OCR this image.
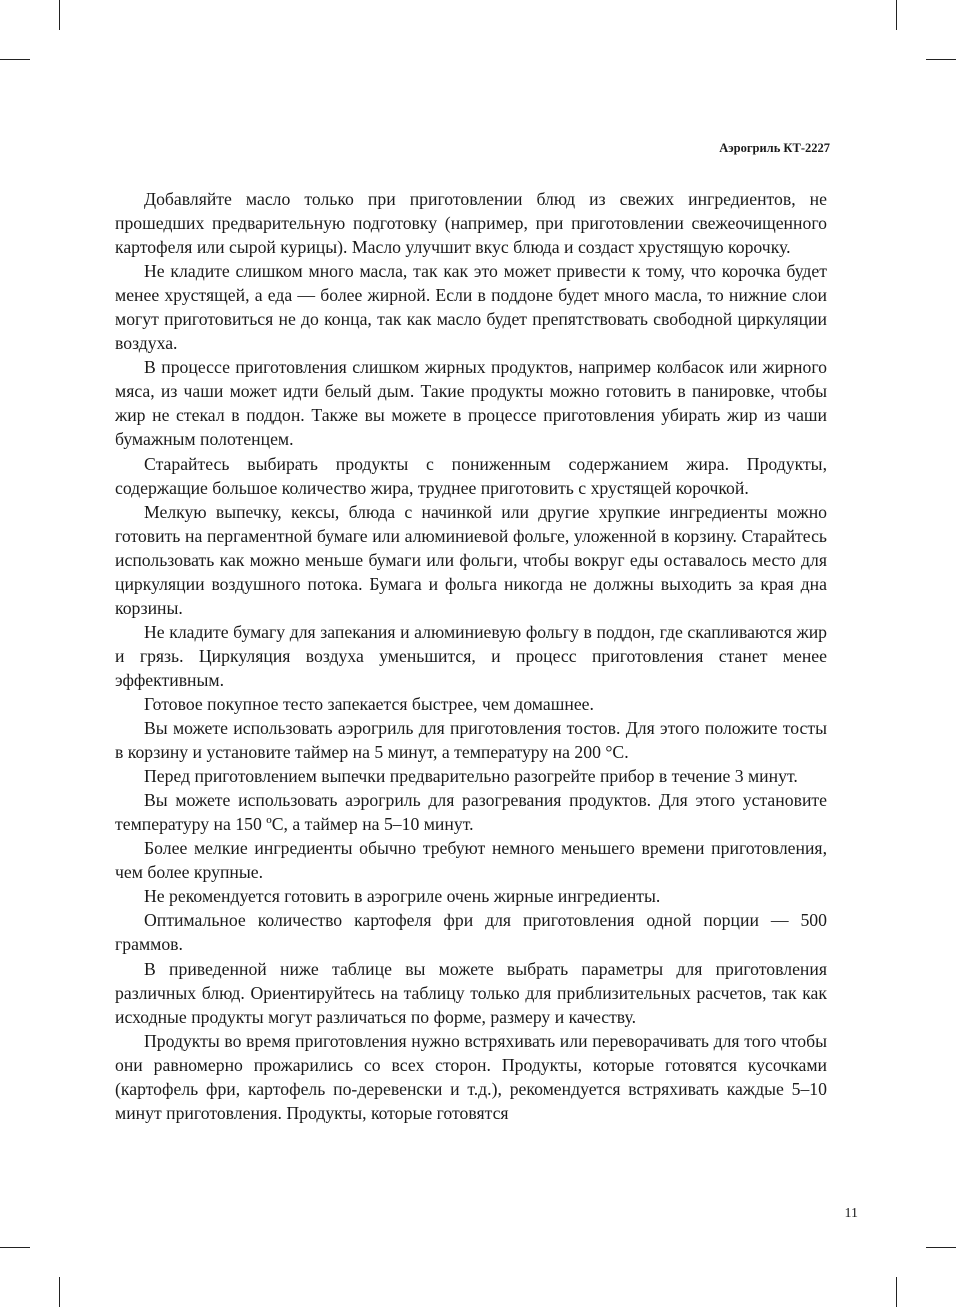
Аэрогриль КТ-2227

Добавляйте масло только при приготовлении блюд из свежих ингредиентов, не прошедших предварительную подготовку (например, при приготовлении свежеочищенного картофеля или сырой курицы). Масло улучшит вкус блюда и создаст хрустящую корочку.

Не кладите слишком много масла, так как это может привести к тому, что корочка будет менее хрустящей, а еда — более жирной. Если в поддоне будет много масла, то нижние слои могут приготовиться не до конца, так как масло будет препятствовать свободной циркуляции воздуха.

В процессе приготовления слишком жирных продуктов, например колбасок или жирного мяса, из чаши может идти белый дым. Такие продукты можно готовить в панировке, чтобы жир не стекал в поддон. Также вы можете в процессе приготовления убирать жир из чаши бумажным полотенцем.

Старайтесь выбирать продукты с пониженным содержанием жира. Продукты, содержащие большое количество жира, труднее приготовить с хрустящей корочкой.

Мелкую выпечку, кексы, блюда с начинкой или другие хрупкие ингредиенты можно готовить на пергаментной бумаге или алюминиевой фольге, уложенной в корзину. Старайтесь использовать как можно меньше бумаги или фольги, чтобы вокруг еды оставалось место для циркуляции воздушного потока. Бумага и фольга никогда не должны выходить за края дна корзины.

Не кладите бумагу для запекания и алюминиевую фольгу в поддон, где скапливаются жир и грязь. Циркуляция воздуха уменьшится, и процесс приготовления станет менее эффективным.

Готовое покупное тесто запекается быстрее, чем домашнее.

Вы можете использовать аэрогриль для приготовления тостов. Для этого положите тосты в корзину и установите таймер на 5 минут, а температуру на 200 °С.

Перед приготовлением выпечки предварительно разогрейте прибор в течение 3 минут.

Вы можете использовать аэрогриль для разогревания продуктов. Для этого установите температуру на 150 ºС, а таймер на 5–10 минут.

Более мелкие ингредиенты обычно требуют немного меньшего времени приготовления, чем более крупные.

Не рекомендуется готовить в аэрогриле очень жирные ингредиенты.

Оптимальное количество картофеля фри для приготовления одной порции — 500 граммов.

В приведенной ниже таблице вы можете выбрать параметры для приготовления различных блюд. Ориентируйтесь на таблицу только для приблизительных расчетов, так как исходные продукты могут различаться по форме, размеру и качеству.

Продукты во время приготовления нужно встряхивать или переворачивать для того чтобы они равномерно прожарились со всех сторон. Продукты, которые готовятся кусочками (картофель фри, картофель по-деревенски и т.д.), рекомендуется встряхивать каждые 5–10 минут приготовления. Продукты, которые готовятся

11
